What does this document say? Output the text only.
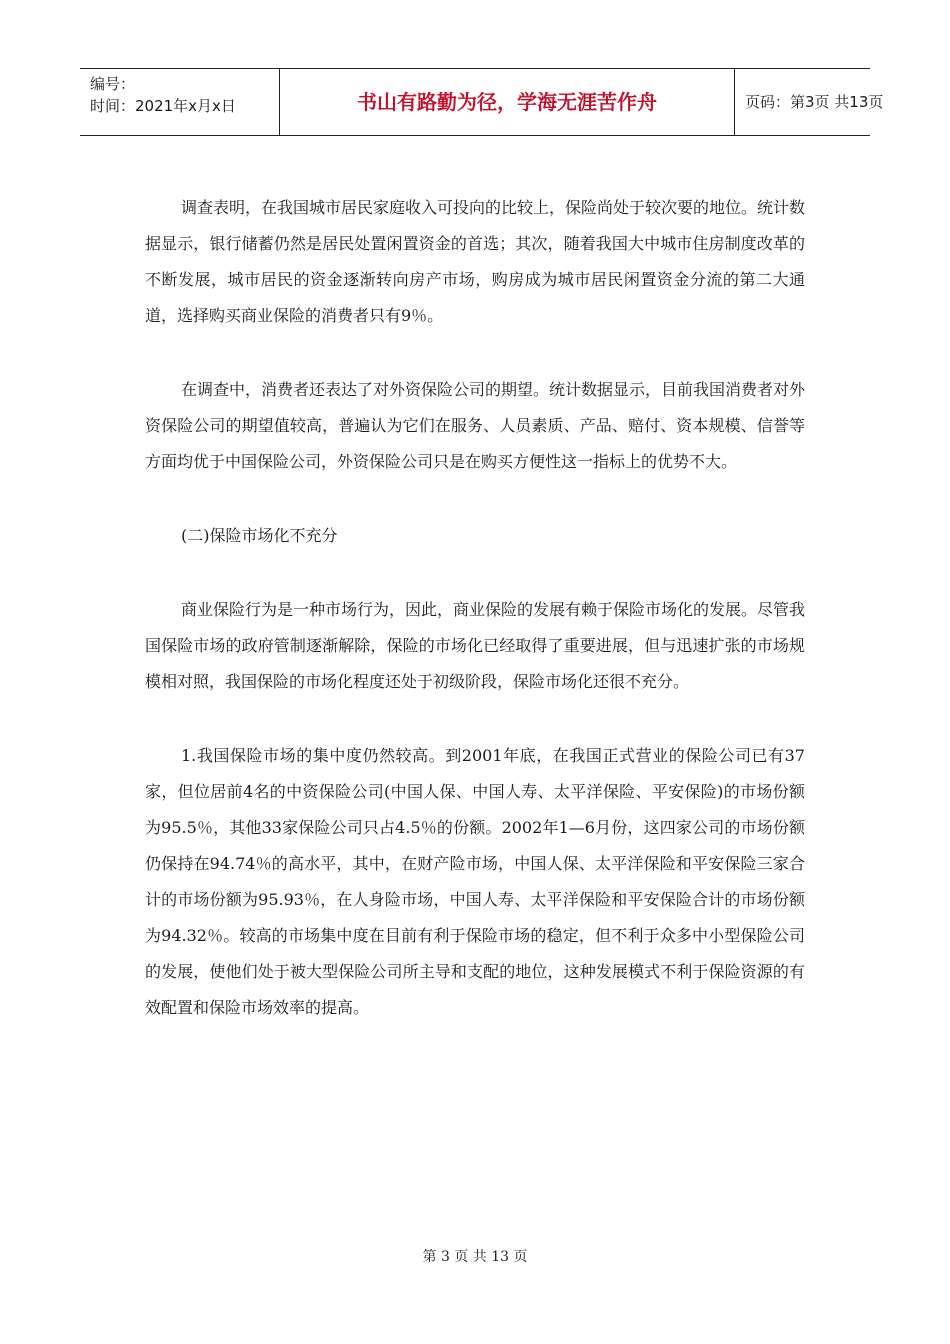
编号：
时间：2021年x月x日	书山有路勤为径，学海无涯苦作舟	页码：第3页 共13页

调查表明，在我国城市居民家庭收入可投向的比较上，保险尚处于较次要的地位。统计数据显示，银行储蓄仍然是居民处置闲置资金的首选；其次，随着我国大中城市住房制度改革的不断发展，城市居民的资金逐渐转向房产市场，购房成为城市居民闲置资金分流的第二大通道，选择购买商业保险的消费者只有9％。

在调查中，消费者还表达了对外资保险公司的期望。统计数据显示，目前我国消费者对外资保险公司的期望值较高，普遍认为它们在服务、人员素质、产品、赔付、资本规模、信誉等方面均优于中国保险公司，外资保险公司只是在购买方便性这一指标上的优势不大。

(二)保险市场化不充分

商业保险行为是一种市场行为，因此，商业保险的发展有赖于保险市场化的发展。尽管我国保险市场的政府管制逐渐解除，保险的市场化已经取得了重要进展，但与迅速扩张的市场规模相对照，我国保险的市场化程度还处于初级阶段，保险市场化还很不充分。

1.我国保险市场的集中度仍然较高。到2001年底，在我国正式营业的保险公司已有37家，但位居前4名的中资保险公司(中国人保、中国人寿、太平洋保险、平安保险)的市场份额为95.5％，其他33家保险公司只占4.5％的份额。2002年1—6月份，这四家公司的市场份额仍保持在94.74％的高水平，其中，在财产险市场，中国人保、太平洋保险和平安保险三家合计的市场份额为95.93％，在人身险市场，中国人寿、太平洋保险和平安保险合计的市场份额为94.32％。较高的市场集中度在目前有利于保险市场的稳定，但不利于众多中小型保险公司的发展，使他们处于被大型保险公司所主导和支配的地位，这种发展模式不利于保险资源的有效配置和保险市场效率的提高。

第 3 页 共 13 页
